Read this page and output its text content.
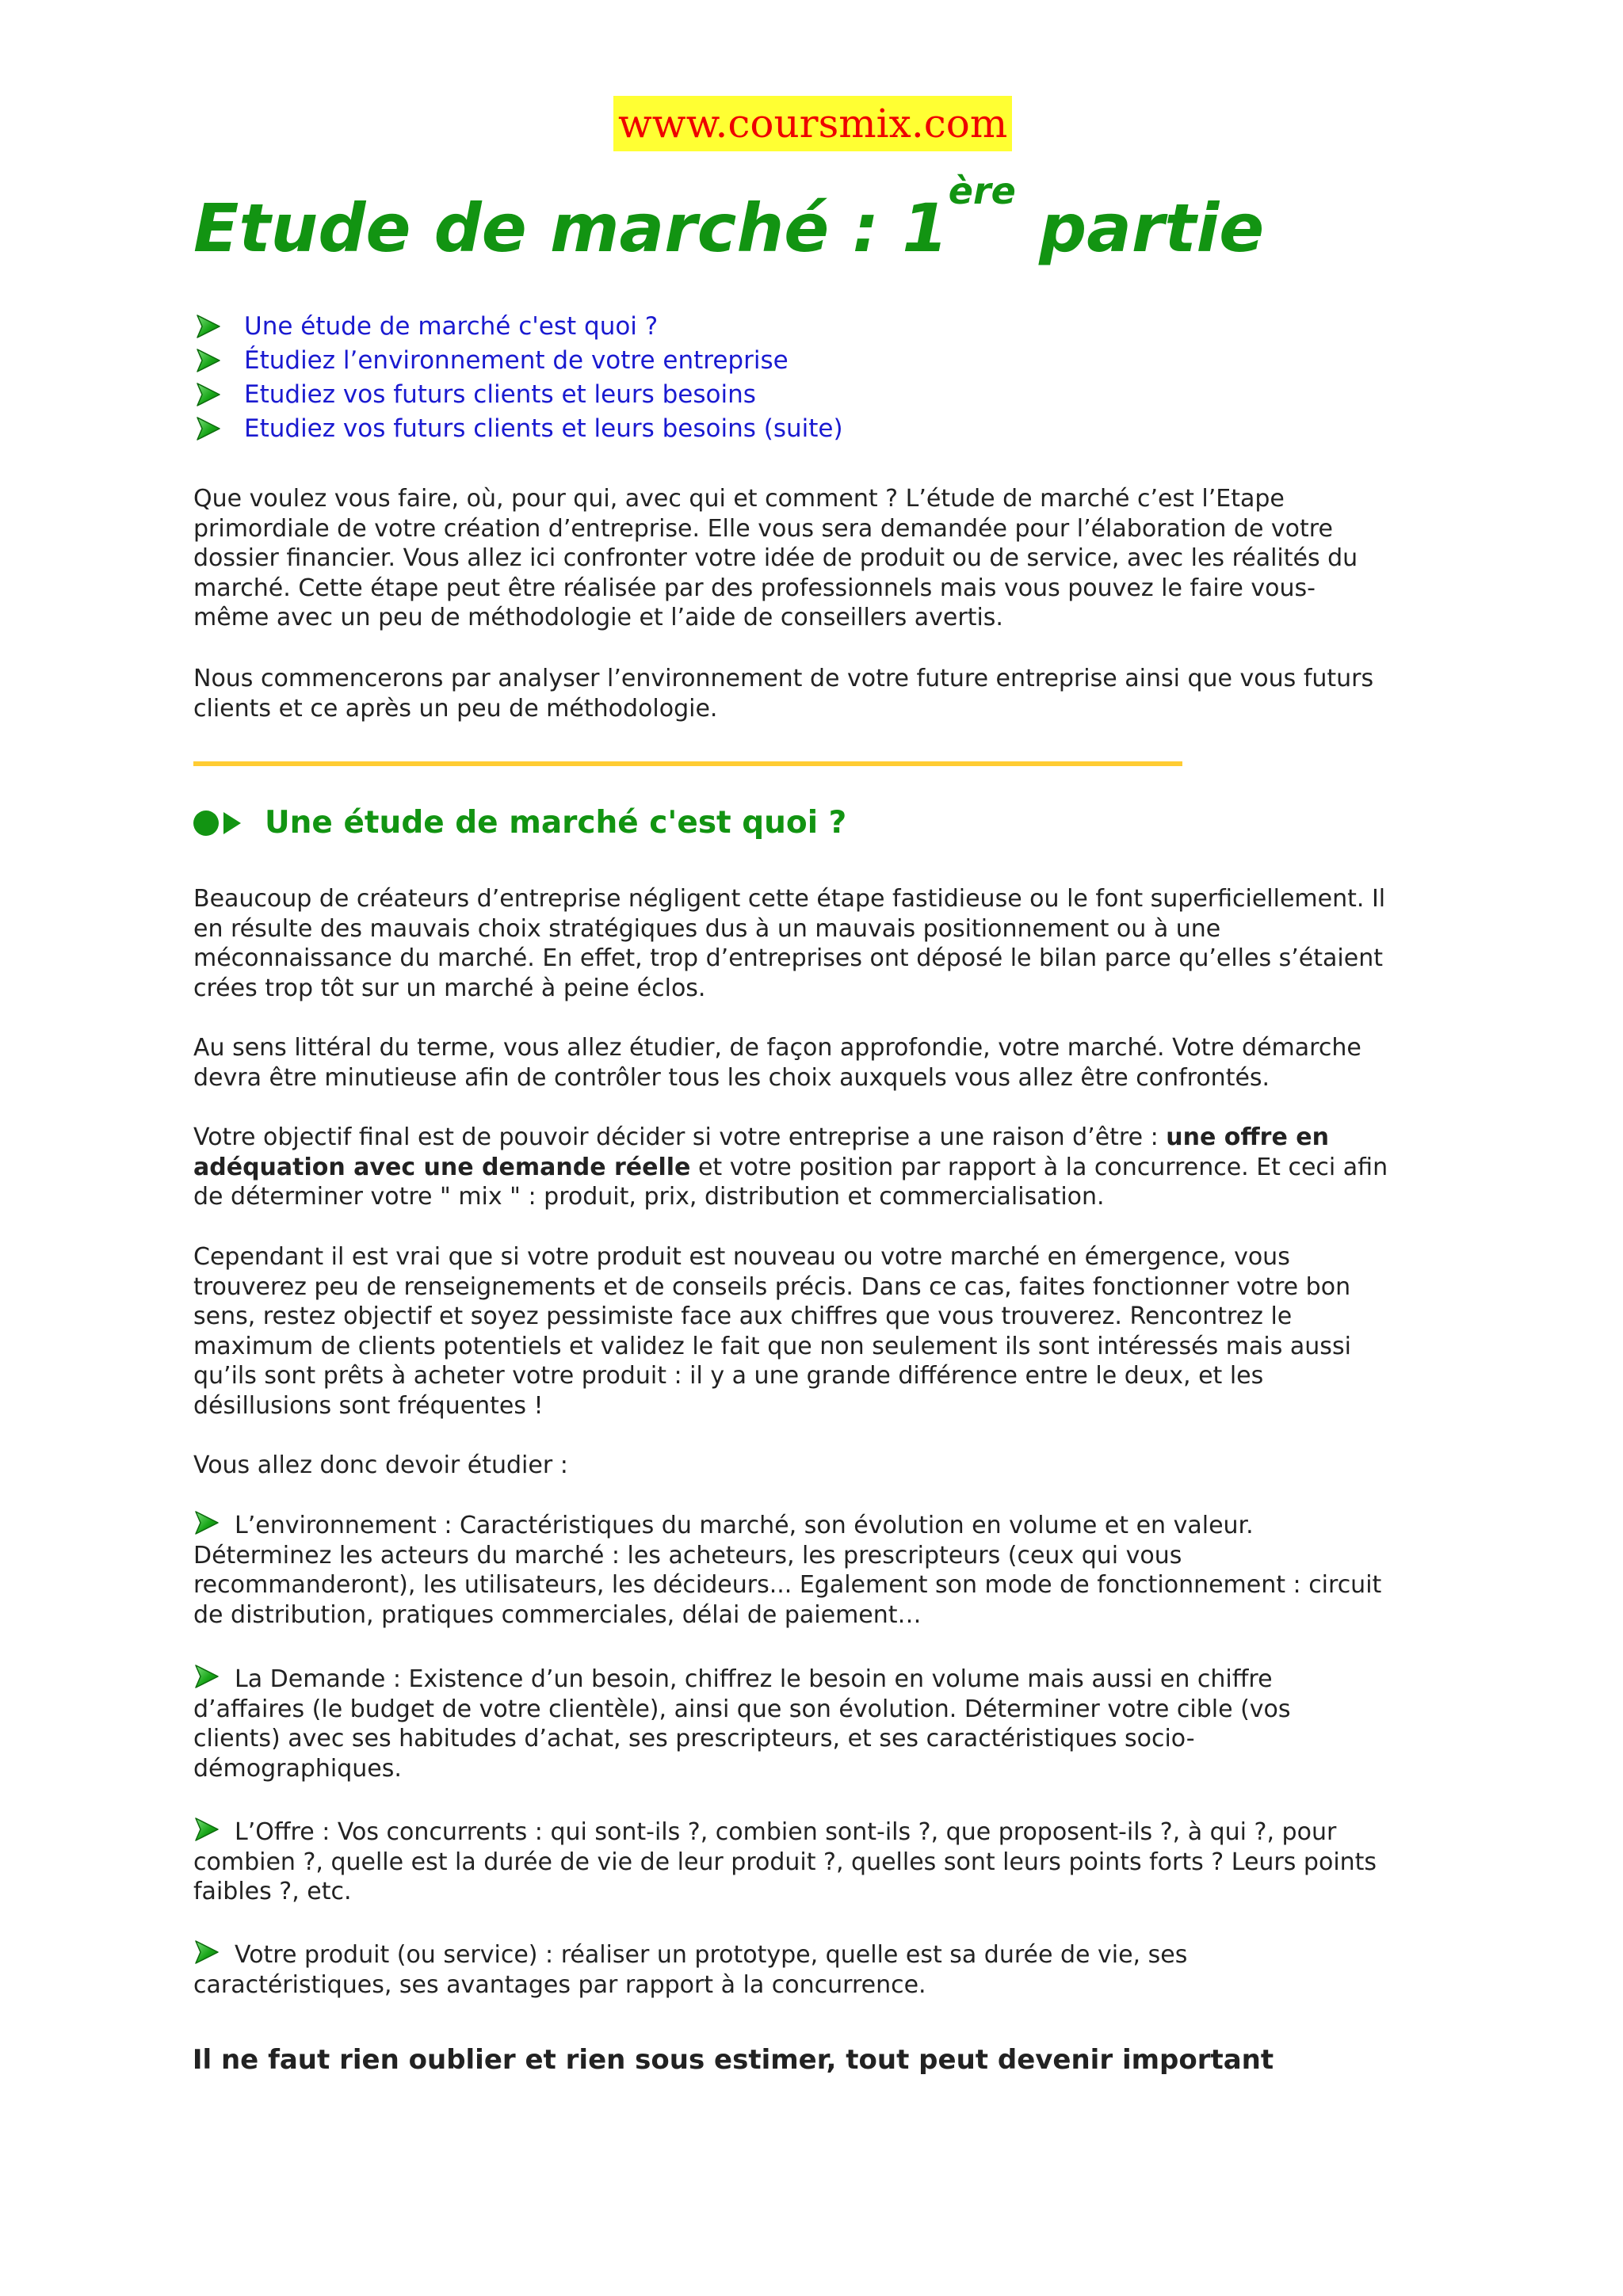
www.coursmix.com
Etude de marché : 1ère partie
Une étude de marché c'est quoi ?
Étudiez l’environnement de votre entreprise
Etudiez vos futurs clients et leurs besoins
Etudiez vos futurs clients et leurs besoins (suite)

Que voulez vous faire, où, pour qui, avec qui et comment ? L’étude de marché c’est l’Etape
primordiale de votre création d’entreprise. Elle vous sera demandée pour l’élaboration de votre
dossier financier. Vous allez ici confronter votre idée de produit ou de service, avec les réalités du
marché. Cette étape peut être réalisée par des professionnels mais vous pouvez le faire vous-
même avec un peu de méthodologie et l’aide de conseillers avertis.

Nous commencerons par analyser l’environnement de votre future entreprise ainsi que vous futurs
clients et ce après un peu de méthodologie.

Une étude de marché c'est quoi ?

Beaucoup de créateurs d’entreprise négligent cette étape fastidieuse ou le font superficiellement. Il
en résulte des mauvais choix stratégiques dus à un mauvais positionnement ou à une
méconnaissance du marché. En effet, trop d’entreprises ont déposé le bilan parce qu’elles s’étaient
crées trop tôt sur un marché à peine éclos.

Au sens littéral du terme, vous allez étudier, de façon approfondie, votre marché. Votre démarche
devra être minutieuse afin de contrôler tous les choix auxquels vous allez être confrontés.

Votre objectif final est de pouvoir décider si votre entreprise a une raison d’être : une offre en
adéquation avec une demande réelle et votre position par rapport à la concurrence. Et ceci afin
de déterminer votre " mix " : produit, prix, distribution et commercialisation.

Cependant il est vrai que si votre produit est nouveau ou votre marché en émergence, vous
trouverez peu de renseignements et de conseils précis. Dans ce cas, faites fonctionner votre bon
sens, restez objectif et soyez pessimiste face aux chiffres que vous trouverez. Rencontrez le
maximum de clients potentiels et validez le fait que non seulement ils sont intéressés mais aussi
qu’ils sont prêts à acheter votre produit : il y a une grande différence entre le deux, et les
désillusions sont fréquentes !

Vous allez donc devoir étudier :

L’environnement : Caractéristiques du marché, son évolution en volume et en valeur.
Déterminez les acteurs du marché : les acheteurs, les prescripteurs (ceux qui vous
recommanderont), les utilisateurs, les décideurs... Egalement son mode de fonctionnement : circuit
de distribution, pratiques commerciales, délai de paiement…

La Demande : Existence d’un besoin, chiffrez le besoin en volume mais aussi en chiffre
d’affaires (le budget de votre clientèle), ainsi que son évolution. Déterminer votre cible (vos
clients) avec ses habitudes d’achat, ses prescripteurs, et ses caractéristiques socio-
démographiques.

L’Offre : Vos concurrents : qui sont-ils ?, combien sont-ils ?, que proposent-ils ?, à qui ?, pour
combien ?, quelle est la durée de vie de leur produit ?, quelles sont leurs points forts ? Leurs points
faibles ?, etc.

Votre produit (ou service) : réaliser un prototype, quelle est sa durée de vie, ses
caractéristiques, ses avantages par rapport à la concurrence.

Il ne faut rien oublier et rien sous estimer, tout peut devenir important
